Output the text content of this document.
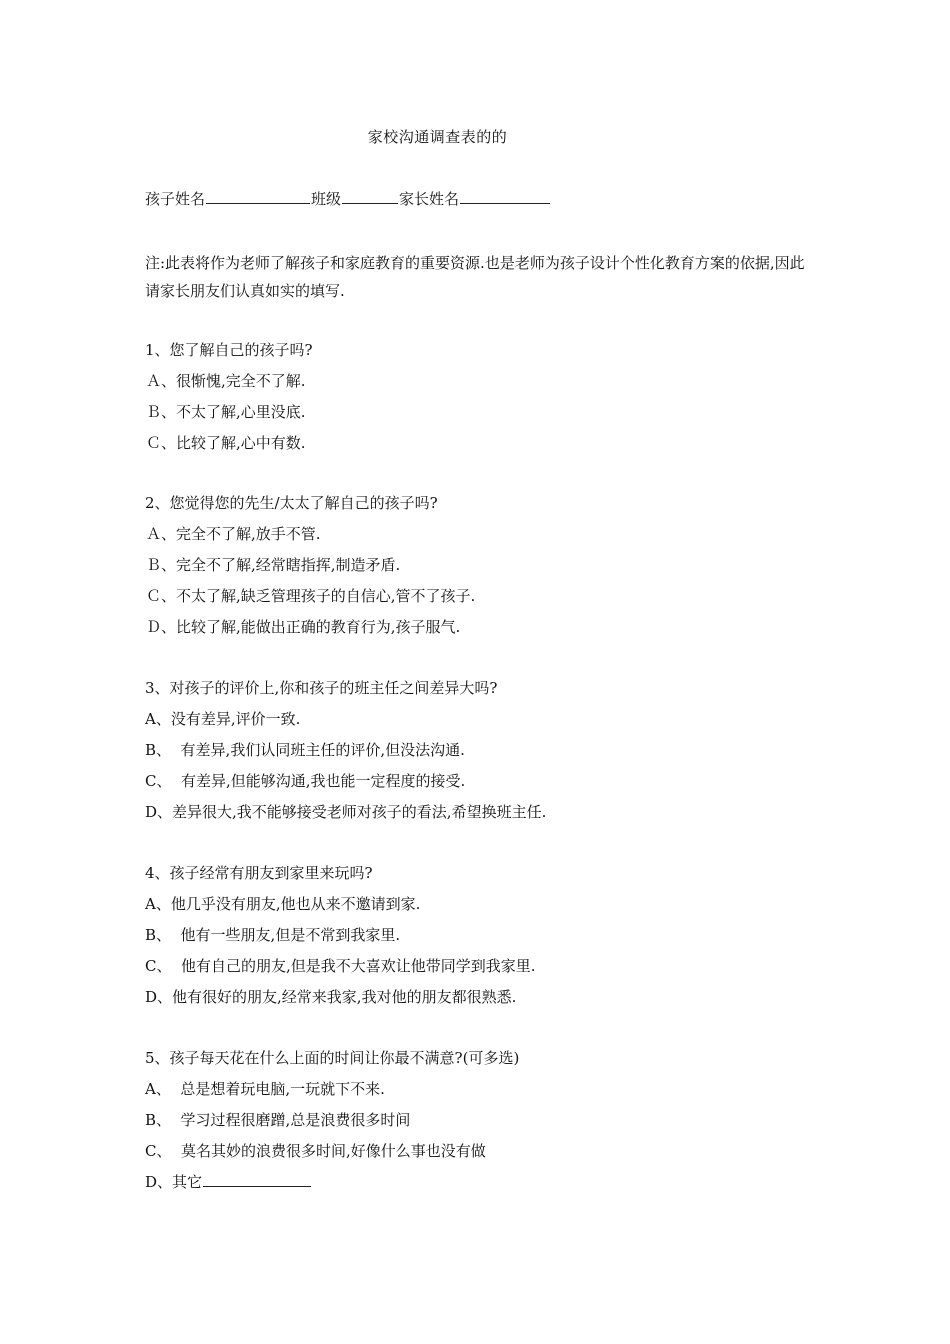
家校沟通调查表的的
孩子姓名	班级	家长姓名
注:此表将作为老师了解孩子和家庭教育的重要资源.也是老师为孩子设计个性化教育方案的依据,因此请家长朋友们认真如实的填写.
1、您了解自己的孩子吗?
Ａ、很惭愧,完全不了解.
Ｂ、不太了解,心里没底.
Ｃ、比较了解,心中有数.
2、您觉得您的先生/太太了解自己的孩子吗?
Ａ、完全不了解,放手不管.
Ｂ、完全不了解,经常瞎指挥,制造矛盾.
Ｃ、不太了解,缺乏管理孩子的自信心,管不了孩子.
Ｄ、比较了解,能做出正确的教育行为,孩子服气.
3、对孩子的评价上,你和孩子的班主任之间差异大吗?
A、没有差异,评价一致.
B、  有差异,我们认同班主任的评价,但没法沟通.
C、  有差异,但能够沟通,我也能一定程度的接受.
D、差异很大,我不能够接受老师对孩子的看法,希望换班主任.
4、孩子经常有朋友到家里来玩吗?
A、他几乎没有朋友,他也从来不邀请到家.
B、  他有一些朋友,但是不常到我家里.
C、  他有自己的朋友,但是我不大喜欢让他带同学到我家里.
D、他有很好的朋友,经常来我家,我对他的朋友都很熟悉.
5、孩子每天花在什么上面的时间让你最不满意?(可多选)
A、  总是想着玩电脑,一玩就下不来.
B、  学习过程很磨蹭,总是浪费很多时间
C、  莫名其妙的浪费很多时间,好像什么事也没有做
D、其它
